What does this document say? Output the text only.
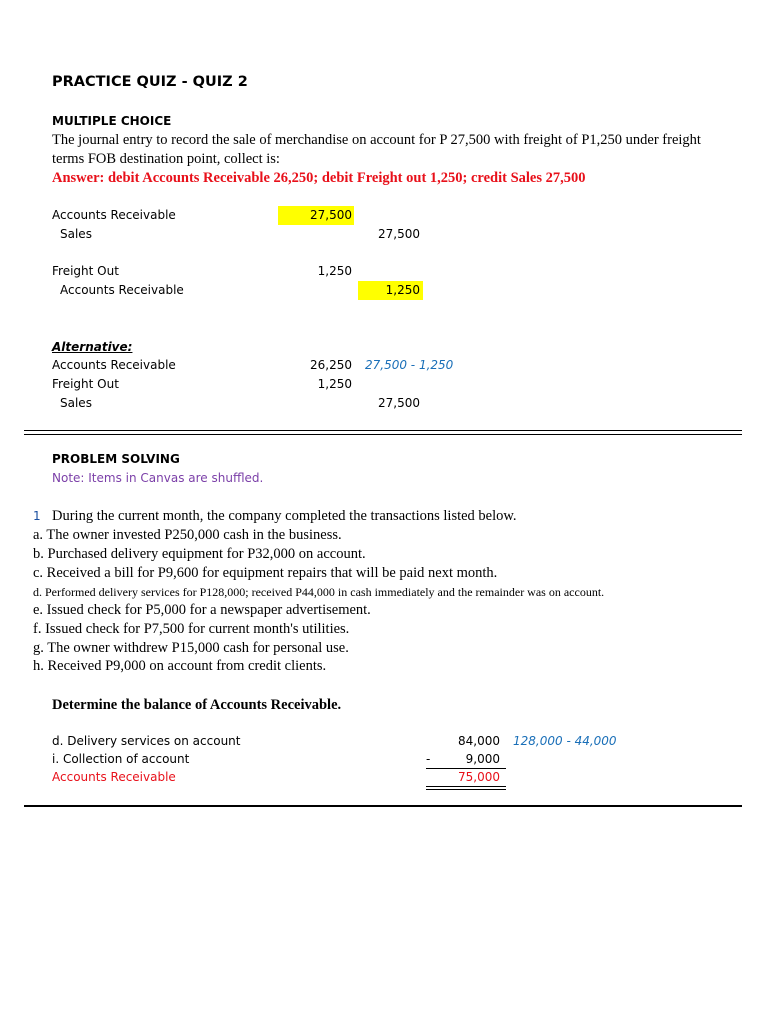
PRACTICE QUIZ - QUIZ 2
MULTIPLE CHOICE
The journal entry to record the sale of merchandise on account for P 27,500 with freight of P1,250 under freight
terms FOB destination point, collect is:
Answer: debit Accounts Receivable 26,250; debit Freight out 1,250; credit Sales 27,500
Accounts Receivable	27,500
Sales	27,500
Freight Out	1,250
Accounts Receivable	1,250
Alternative:
Accounts Receivable	26,250 27,500 - 1,250
Freight Out	1,250
Sales	27,500
PROBLEM SOLVING
Note: Items in Canvas are shuffled.
1 During the current month, the company completed the transactions listed below.
a. The owner invested P250,000 cash in the business.
b. Purchased delivery equipment for P32,000 on account.
c. Received a bill for P9,600 for equipment repairs that will be paid next month.
d. Performed delivery services for P128,000; received P44,000 in cash immediately and the remainder was on account.
e. Issued check for P5,000 for a newspaper advertisement.
f. Issued check for P7,500 for current month's utilities.
g. The owner withdrew P15,000 cash for personal use.
h. Received P9,000 on account from credit clients.
Determine the balance of Accounts Receivable.
d. Delivery services on account	84,000 128,000 - 44,000
i. Collection of account	-	9,000
Accounts Receivable	75,000
